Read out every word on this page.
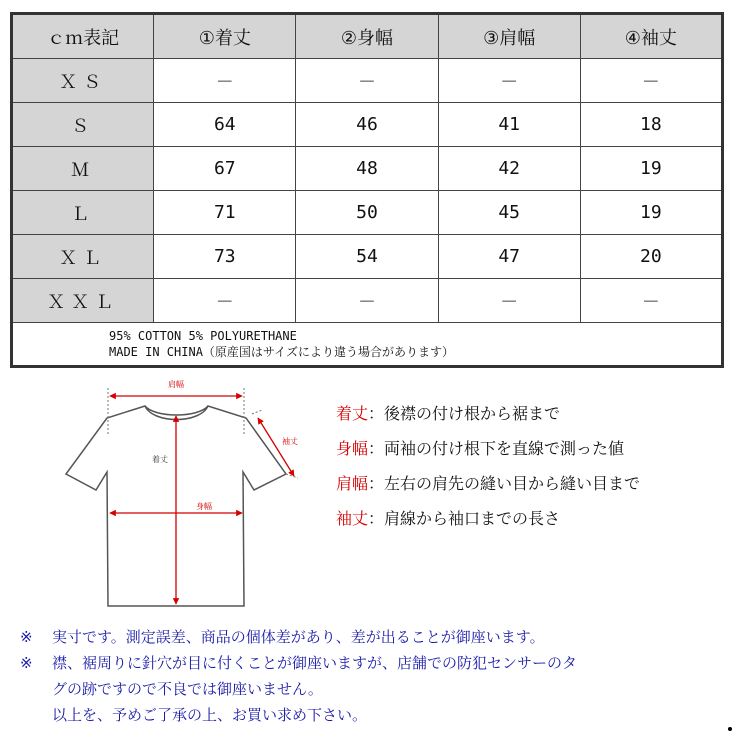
ｃｍ表記	①着丈	②身幅	③肩幅	④袖丈
ＸＳ	－	－	－	－
Ｓ	64	46	41	18
Ｍ	67	48	42	19
Ｌ	71	50	45	19
ＸＬ	73	54	47	20
ＸＸＬ	－	－	－	－

95% COTTON 5% POLYURETHANE
MADE IN CHINA（原産国はサイズにより違う場合があります）				
肩幅
着丈
身幅
袖丈
着丈：後襟の付け根から裾まで
身幅：両袖の付け根下を直線で測った値
肩幅：左右の肩先の縫い目から縫い目まで
袖丈：肩線から袖口までの長さ
※	実寸です。測定誤差、商品の個体差があり、差が出ることが御座います。
※	襟、裾周りに針穴が目に付くことが御座いますが、店舗での防犯センサーのタ
グの跡ですので不良では御座いません。
以上を、予めご了承の上、お買い求め下さい。
